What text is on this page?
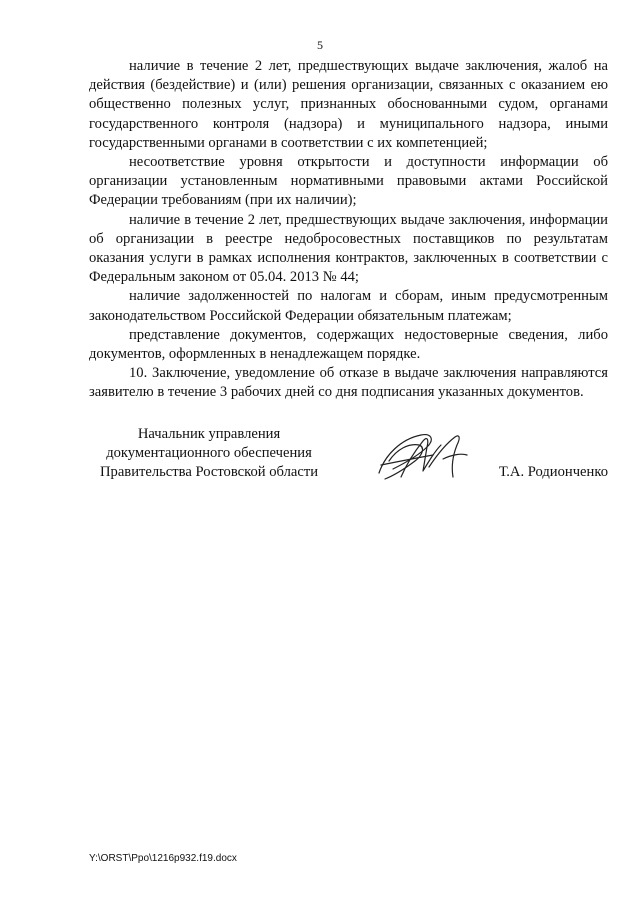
5

наличие в течение 2 лет, предшествующих выдаче заключения, жалоб на действия (бездействие) и (или) решения организации, связанных с оказанием ею общественно полезных услуг, признанных обоснованными судом, органами государственного контроля (надзора) и муниципального надзора, иными государственными органами в соответствии с их компетенцией;

несоответствие уровня открытости и доступности информации об организации установленным нормативными правовыми актами Российской Федерации требованиям (при их наличии);

наличие в течение 2 лет, предшествующих выдаче заключения, информации об организации в реестре недобросовестных поставщиков по результатам оказания услуги в рамках исполнения контрактов, заключенных в соответствии с Федеральным законом от 05.04. 2013 № 44;

наличие задолженностей по налогам и сборам, иным предусмотренным законодательством Российской Федерации обязательным платежам;

представление документов, содержащих недостоверные сведения, либо документов, оформленных в ненадлежащем порядке.

10. Заключение, уведомление об отказе в выдаче заключения направляются заявителю в течение 3 рабочих дней со дня подписания указанных документов.

Начальник управления
документационного обеспечения
Правительства Ростовской области	Т.А. Родионченко
Y:\ORST\Ppo\1216p932.f19.docx
